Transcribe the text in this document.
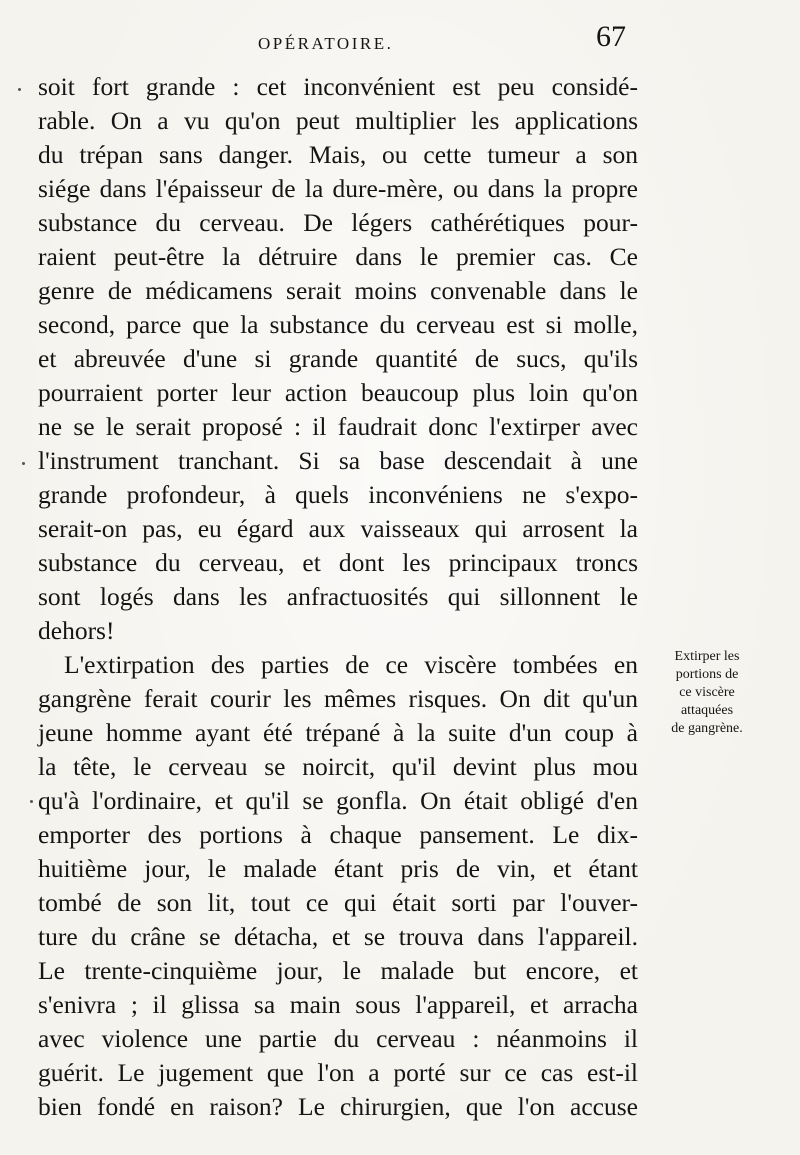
OPÉRATOIRE.	67

soit fort grande : cet inconvénient est peu considé-
rable. On a vu qu'on peut multiplier les applications
du trépan sans danger. Mais, ou cette tumeur a son
siége dans l'épaisseur de la dure-mère, ou dans la propre
substance du cerveau. De légers cathérétiques pour-
raient peut-être la détruire dans le premier cas. Ce
genre de médicamens serait moins convenable dans le
second, parce que la substance du cerveau est si molle,
et abreuvée d'une si grande quantité de sucs, qu'ils
pourraient porter leur action beaucoup plus loin qu'on
ne se le serait proposé : il faudrait donc l'extirper avec
l'instrument tranchant. Si sa base descendait à une
grande profondeur, à quels inconvéniens ne s'expo-
serait-on pas, eu égard aux vaisseaux qui arrosent la
substance du cerveau, et dont les principaux troncs
sont logés dans les anfractuosités qui sillonnent le
dehors!

L'extirpation des parties de ce viscère tombées en
gangrène ferait courir les mêmes risques. On dit qu'un
jeune homme ayant été trépané à la suite d'un coup à
la tête, le cerveau se noircit, qu'il devint plus mou
qu'à l'ordinaire, et qu'il se gonfla. On était obligé d'en
emporter des portions à chaque pansement. Le dix-
huitième jour, le malade étant pris de vin, et étant
tombé de son lit, tout ce qui était sorti par l'ouver-
ture du crâne se détacha, et se trouva dans l'appareil.
Le trente-cinquième jour, le malade but encore, et
s'enivra ; il glissa sa main sous l'appareil, et arracha
avec violence une partie du cerveau : néanmoins il
guérit. Le jugement que l'on a porté sur ce cas est-il
bien fondé en raison? Le chirurgien, que l'on accuse

Extirper les
portions de
ce viscère
attaquées
de gangrène.
